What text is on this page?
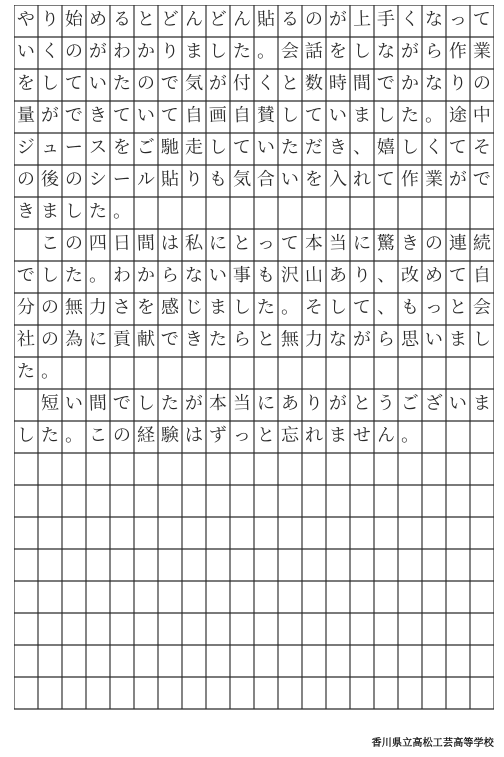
や り 始 め る と ど ん ど ん 貼 る の が 上 手 く な っ て
い く の が わ か り ま し た 。 会 話 を し な が ら 作 業
を し て い た の で 気 が 付 く と 数 時 間 で か な り の
量 が で き て い て 自 画 自 賛 し て い ま し た 。 途 中
ジ ュ ー ス を ご 馳 走 し て い た だ き 、 嬉 し く て そ
の 後 の シ ー ル 貼 り も 気 合 い を 入 れ て 作 業 が で
き ま し た 。

こ の 四 日 間 は 私 に と っ て 本 当 に 驚 き の 連 続
で し た 。 わ か ら な い 事 も 沢 山 あ り 、 改 め て 自
分 の 無 力 さ を 感 じ ま し た 。 そ し て 、 も っ と 会
社 の 為 に 貢 献 で き た ら と 無 力 な が ら 思 い ま し
た 。

短 い 間 で し た が 本 当 に あ り が と う ご ざ い ま
し た 。 こ の 経 験 は ず っ と 忘 れ ま せ ん 。
香川県立高松工芸高等学校
